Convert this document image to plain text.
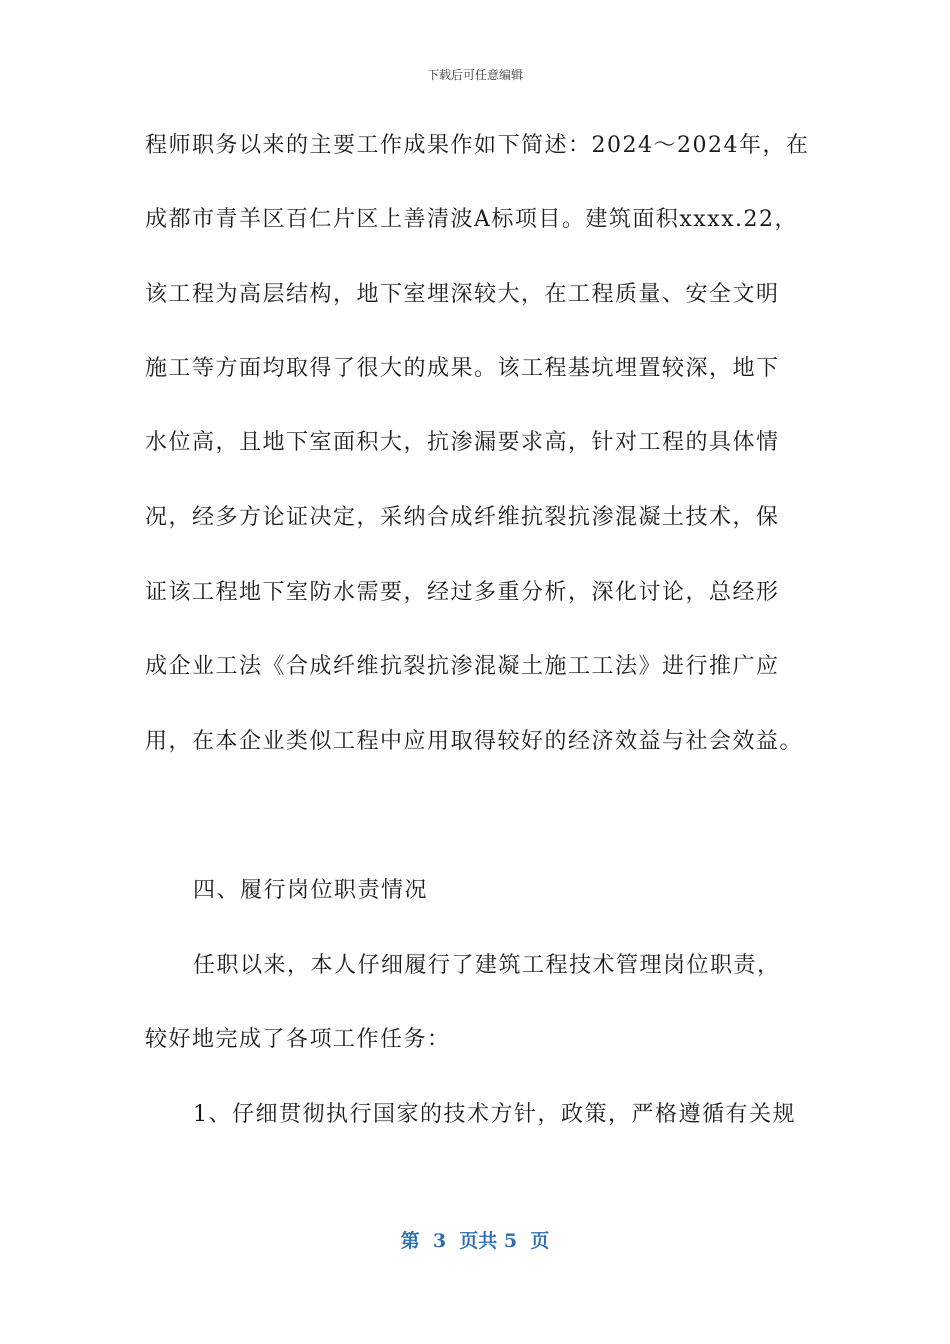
下载后可任意编辑
程师职务以来的主要工作成果作如下简述：2024～2024年，在
成都市青羊区百仁片区上善清波A标项目。建筑面积xxxx.22，
该工程为高层结构，地下室埋深较大，在工程质量、安全文明
施工等方面均取得了很大的成果。该工程基坑埋置较深，地下
水位高，且地下室面积大，抗渗漏要求高，针对工程的具体情
况，经多方论证决定，采纳合成纤维抗裂抗渗混凝土技术，保
证该工程地下室防水需要，经过多重分析，深化讨论，总经形
成企业工法《合成纤维抗裂抗渗混凝土施工工法》进行推广应
用，在本企业类似工程中应用取得较好的经济效益与社会效益。
四、履行岗位职责情况
任职以来，本人仔细履行了建筑工程技术管理岗位职责，
较好地完成了各项工作任务：
1、仔细贯彻执行国家的技术方针，政策，严格遵循有关规
第  3  页共 5  页
